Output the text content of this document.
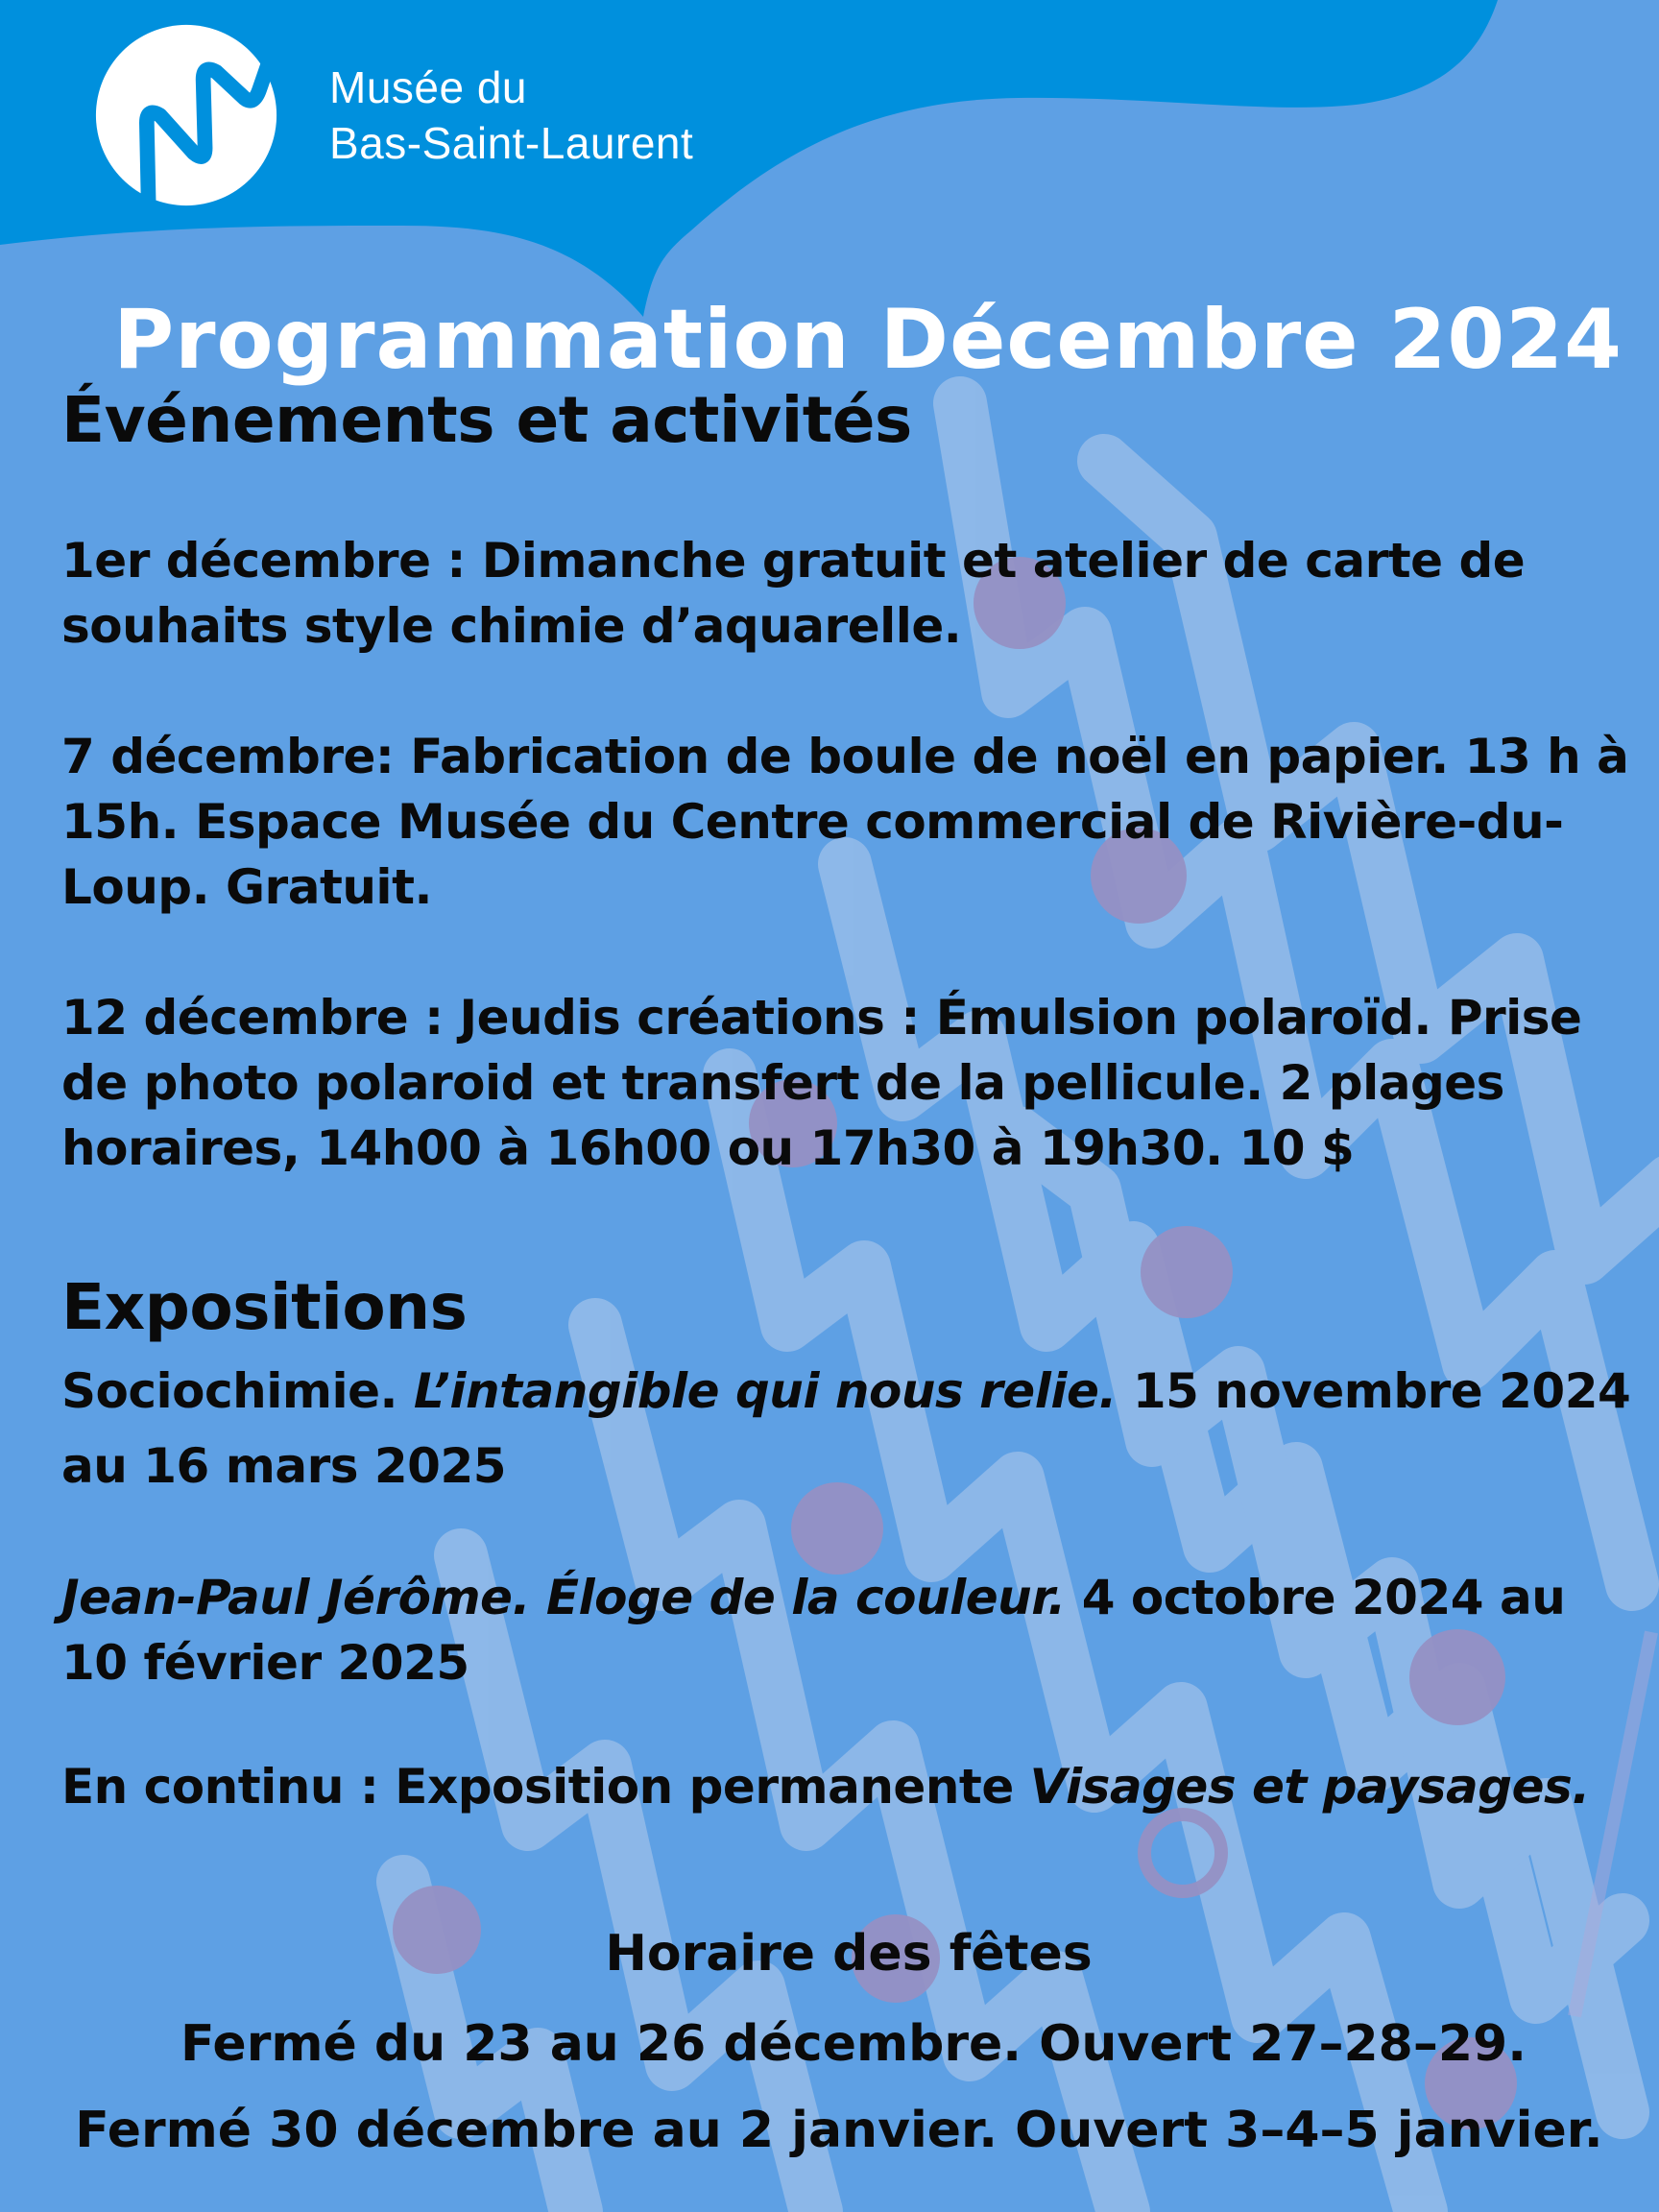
Musée du
Bas-Saint-Laurent
Programmation Décembre 2024
Événements et activités

1er décembre : Dimanche gratuit et atelier de carte de souhaits style chimie d’aquarelle.

7 décembre: Fabrication de boule de noël en papier. 13 h à 15h. Espace Musée du Centre commercial de Rivière-du-Loup. Gratuit.

12 décembre : Jeudis créations : Émulsion polaroïd. Prise de photo polaroid et transfert de la pellicule. 2 plages horaires, 14h00 à 16h00 ou 17h30 à 19h30. 10 $

Expositions

Sociochimie. L’intangible qui nous relie. 15 novembre 2024 au 16 mars 2025

Jean-Paul Jérôme. Éloge de la couleur. 4 octobre 2024 au 10 février 2025

En continu : Exposition permanente Visages et paysages.

Horaire des fêtes

Fermé du 23 au 26 décembre. Ouvert 27–28–29.

Fermé 30 décembre au 2 janvier. Ouvert 3–4–5 janvier.
